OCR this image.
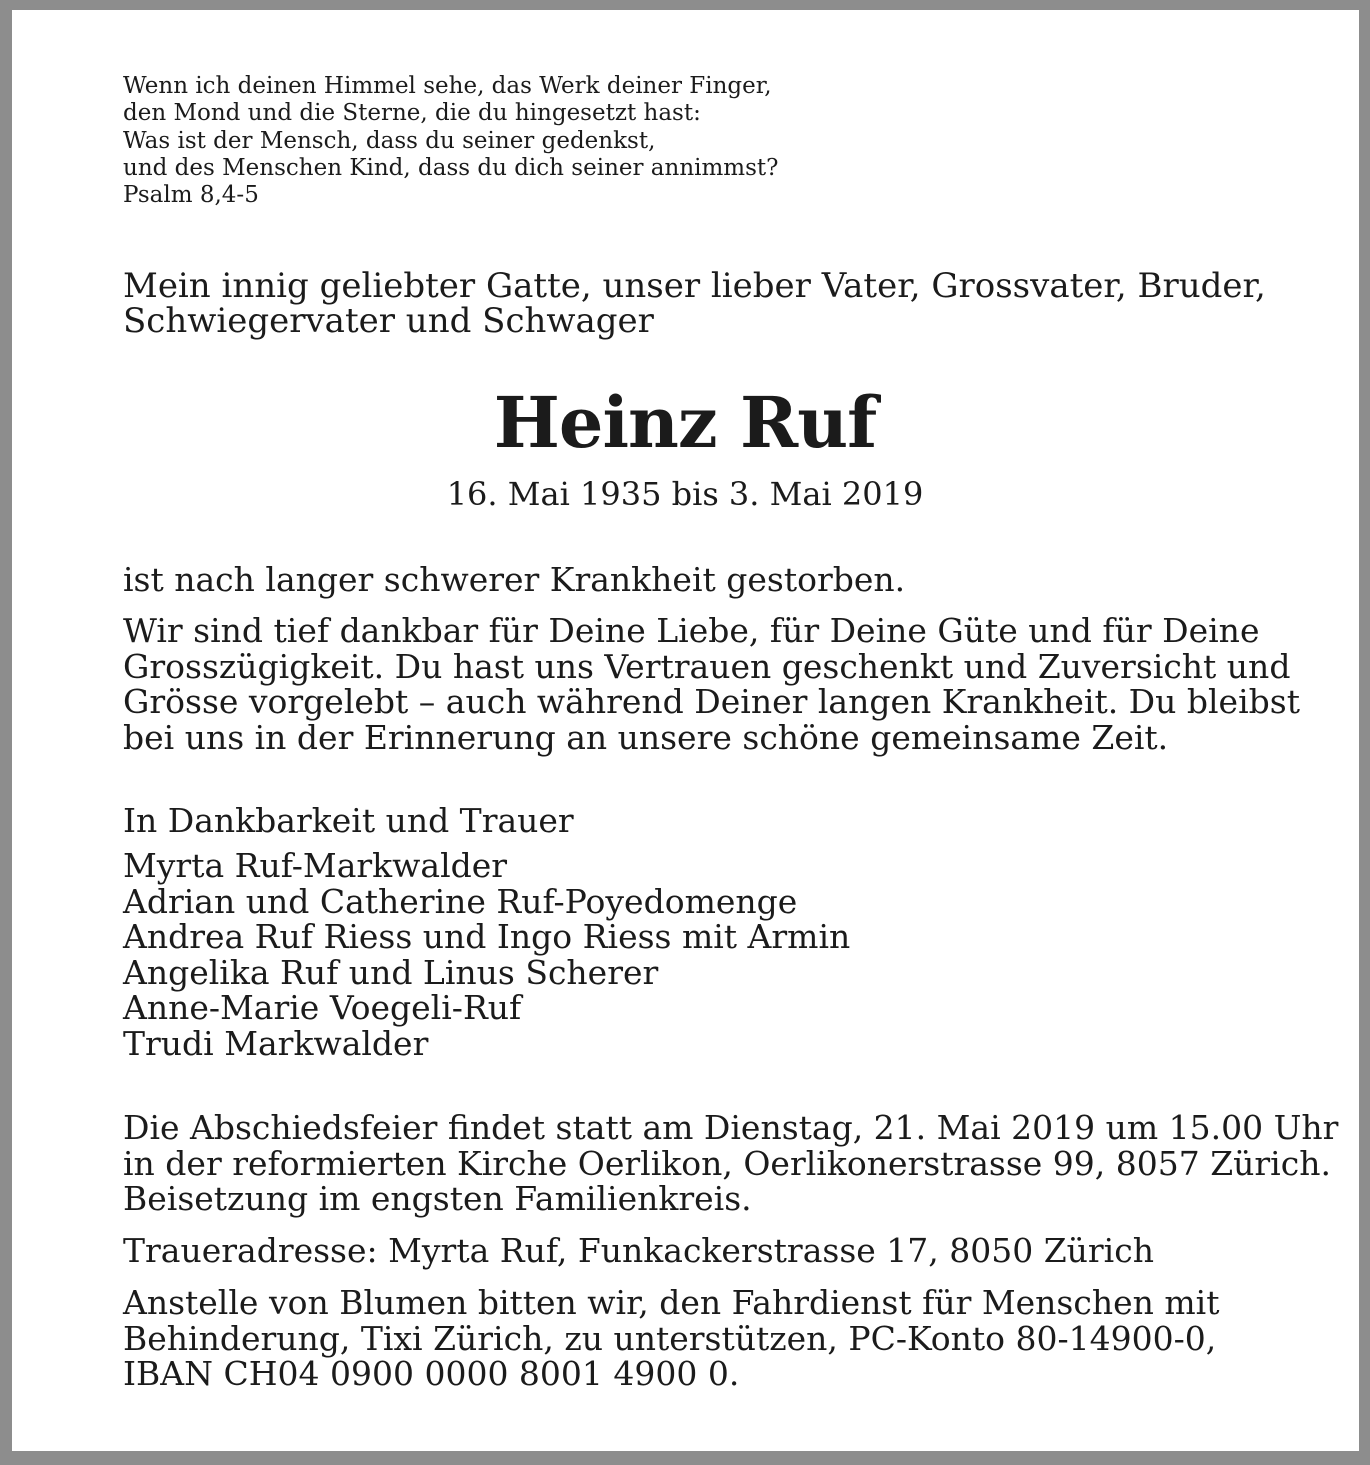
Wenn ich deinen Himmel sehe, das Werk deiner Finger,
den Mond und die Sterne, die du hingesetzt hast:
Was ist der Mensch, dass du seiner gedenkst,
und des Menschen Kind, dass du dich seiner annimmst?
Psalm 8,4-5
Mein innig geliebter Gatte, unser lieber Vater, Grossvater, Bruder,
Schwiegervater und Schwager
Heinz Ruf
16. Mai 1935 bis 3. Mai 2019
ist nach langer schwerer Krankheit gestorben.
Wir sind tief dankbar für Deine Liebe, für Deine Güte und für Deine
Grosszügigkeit. Du hast uns Vertrauen geschenkt und Zuversicht und
Grösse vorgelebt – auch während Deiner langen Krankheit. Du bleibst
bei uns in der Erinnerung an unsere schöne gemeinsame Zeit.
In Dankbarkeit und Trauer
Myrta Ruf-Markwalder
Adrian und Catherine Ruf-Poyedomenge
Andrea Ruf Riess und Ingo Riess mit Armin
Angelika Ruf und Linus Scherer
Anne-Marie Voegeli-Ruf
Trudi Markwalder
Die Abschiedsfeier findet statt am Dienstag, 21. Mai 2019 um 15.00 Uhr
in der reformierten Kirche Oerlikon, Oerlikonerstrasse 99, 8057 Zürich.
Beisetzung im engsten Familienkreis.
Traueradresse: Myrta Ruf, Funkackerstrasse 17, 8050 Zürich
Anstelle von Blumen bitten wir, den Fahrdienst für Menschen mit
Behinderung, Tixi Zürich, zu unterstützen, PC-Konto 80-14900-0,
IBAN CH04 0900 0000 8001 4900 0.
